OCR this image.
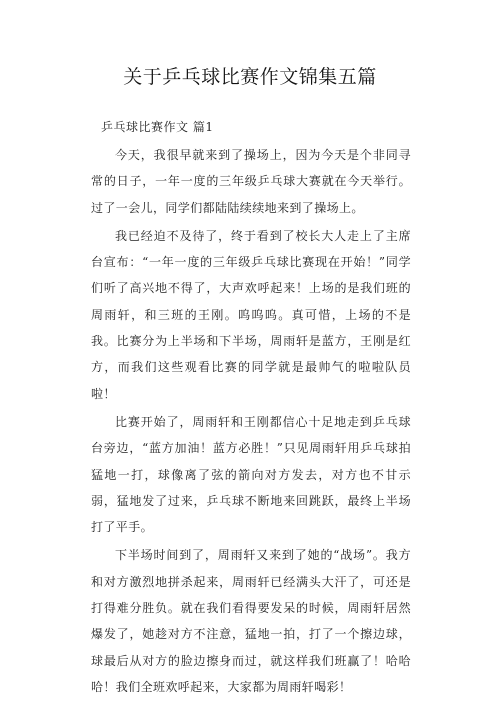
关于乒乓球比赛作文锦集五篇
乒乓球比赛作文 篇1

今天，我很早就来到了操场上，因为今天是个非同寻常的日子，一年一度的三年级乒乓球大赛就在今天举行。过了一会儿，同学们都陆陆续续地来到了操场上。

我已经迫不及待了，终于看到了校长大人走上了主席台宣布：“一年一度的三年级乒乓球比赛现在开始！”同学们听了高兴地不得了，大声欢呼起来！上场的是我们班的周雨轩，和三班的王刚。呜呜呜。真可惜，上场的不是我。比赛分为上半场和下半场，周雨轩是蓝方，王刚是红方，而我们这些观看比赛的同学就是最帅气的啦啦队员啦！

比赛开始了，周雨轩和王刚都信心十足地走到乒乓球台旁边，“蓝方加油！蓝方必胜！”只见周雨轩用乒乓球拍猛地一打，球像离了弦的箭向对方发去，对方也不甘示弱，猛地发了过来，乒乓球不断地来回跳跃，最终上半场打了平手。

下半场时间到了，周雨轩又来到了她的“战场”。我方和对方激烈地拼杀起来，周雨轩已经满头大汗了，可还是打得难分胜负。就在我们看得要发呆的时候，周雨轩居然爆发了，她趁对方不注意，猛地一拍，打了一个擦边球，球最后从对方的脸边擦身而过，就这样我们班赢了！哈哈哈！我们全班欢呼起来，大家都为周雨轩喝彩！
